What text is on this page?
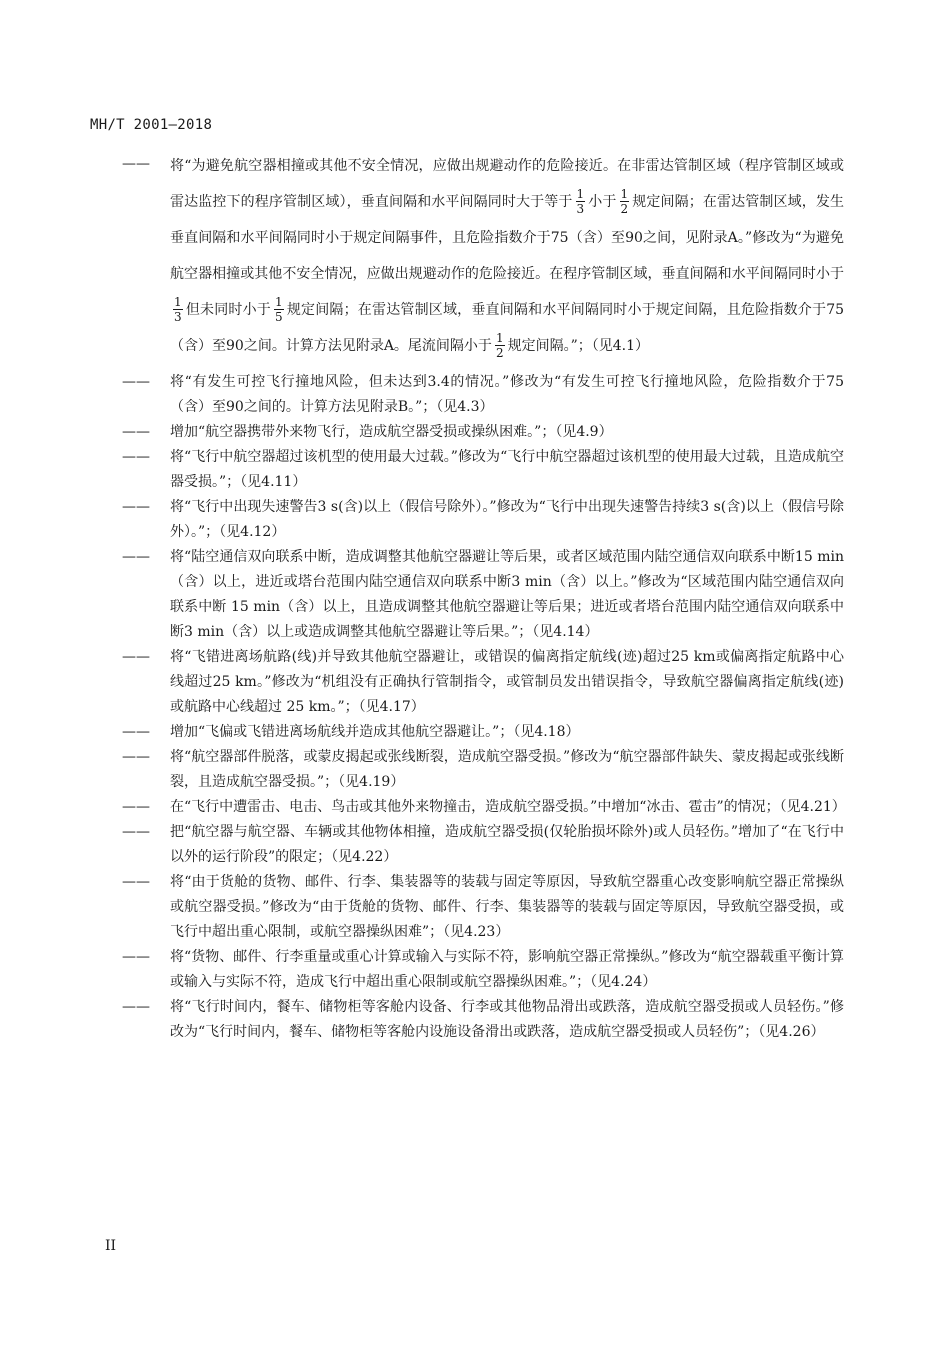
MH/T 2001—2018
——	将“为避免航空器相撞或其他不安全情况，应做出规避动作的危险接近。在非雷达管制区域（程序管制区域或雷达监控下的程序管制区域），垂直间隔和水平间隔同时大于等于 $\frac{1}{3}$ 小于 $\frac{1}{2}$ 规定间隔；在雷达管制区域，发生垂直间隔和水平间隔同时小于规定间隔事件，且危险指数介于75（含）至90之间，见附录A。”修改为“为避免航空器相撞或其他不安全情况，应做出规避动作的危险接近。在程序管制区域，垂直间隔和水平间隔同时小于
$\frac{1}{3}$ 但未同时小于 $\frac{1}{5}$ 规定间隔；在雷达管制区域，垂直间隔和水平间隔同时小于规定间隔，且危险指数介于75（含）至90之间。计算方法见附录A。尾流间隔小于 $\frac{1}{2}$ 规定间隔。”；（见4.1）
——	将“有发生可控飞行撞地风险，但未达到3.4的情况。”修改为“有发生可控飞行撞地风险，危险指数介于75（含）至90之间的。计算方法见附录B。”；（见4.3）
——	增加“航空器携带外来物飞行，造成航空器受损或操纵困难。”；（见4.9）
——	将“飞行中航空器超过该机型的使用最大过载。”修改为“飞行中航空器超过该机型的使用最大过载，且造成航空器受损。”；（见4.11）
——	将“飞行中出现失速警告3 s(含)以上（假信号除外）。”修改为“飞行中出现失速警告持续3 s(含)以上（假信号除外）。”；（见4.12）
——	将“陆空通信双向联系中断，造成调整其他航空器避让等后果，或者区域范围内陆空通信双向联系中断15 min（含）以上，进近或塔台范围内陆空通信双向联系中断3 min（含）以上。”修改为“区域范围内陆空通信双向联系中断 15 min（含）以上，且造成调整其他航空器避让等后果；进近或者塔台范围内陆空通信双向联系中断3 min（含）以上或造成调整其他航空器避让等后果。”；（见4.14）
——	将“飞错进离场航路(线)并导致其他航空器避让，或错误的偏离指定航线(迹)超过25 km或偏离指定航路中心线超过25 km。”修改为“机组没有正确执行管制指令，或管制员发出错误指令，导致航空器偏离指定航线(迹)或航路中心线超过 25 km。”；（见4.17）
——	增加“飞偏或飞错进离场航线并造成其他航空器避让。”；（见4.18）
——	将“航空器部件脱落，或蒙皮揭起或张线断裂，造成航空器受损。”修改为“航空器部件缺失、蒙皮揭起或张线断裂，且造成航空器受损。”；（见4.19）
——	在“飞行中遭雷击、电击、鸟击或其他外来物撞击，造成航空器受损。”中增加“冰击、雹击”的情况；（见4.21）
——	把“航空器与航空器、车辆或其他物体相撞，造成航空器受损(仅轮胎损坏除外)或人员轻伤。”增加了“在飞行中以外的运行阶段”的限定；（见4.22）
——	将“由于货舱的货物、邮件、行李、集装器等的装载与固定等原因，导致航空器重心改变影响航空器正常操纵或航空器受损。”修改为“由于货舱的货物、邮件、行李、集装器等的装载与固定等原因，导致航空器受损，或飞行中超出重心限制，或航空器操纵困难”；（见4.23）
——	将“货物、邮件、行李重量或重心计算或输入与实际不符，影响航空器正常操纵。”修改为“航空器载重平衡计算或输入与实际不符，造成飞行中超出重心限制或航空器操纵困难。”；（见4.24）
——	将“飞行时间内，餐车、储物柜等客舱内设备、行李或其他物品滑出或跌落，造成航空器受损或人员轻伤。”修改为“飞行时间内，餐车、储物柜等客舱内设施设备滑出或跌落，造成航空器受损或人员轻伤”；（见4.26）
II
